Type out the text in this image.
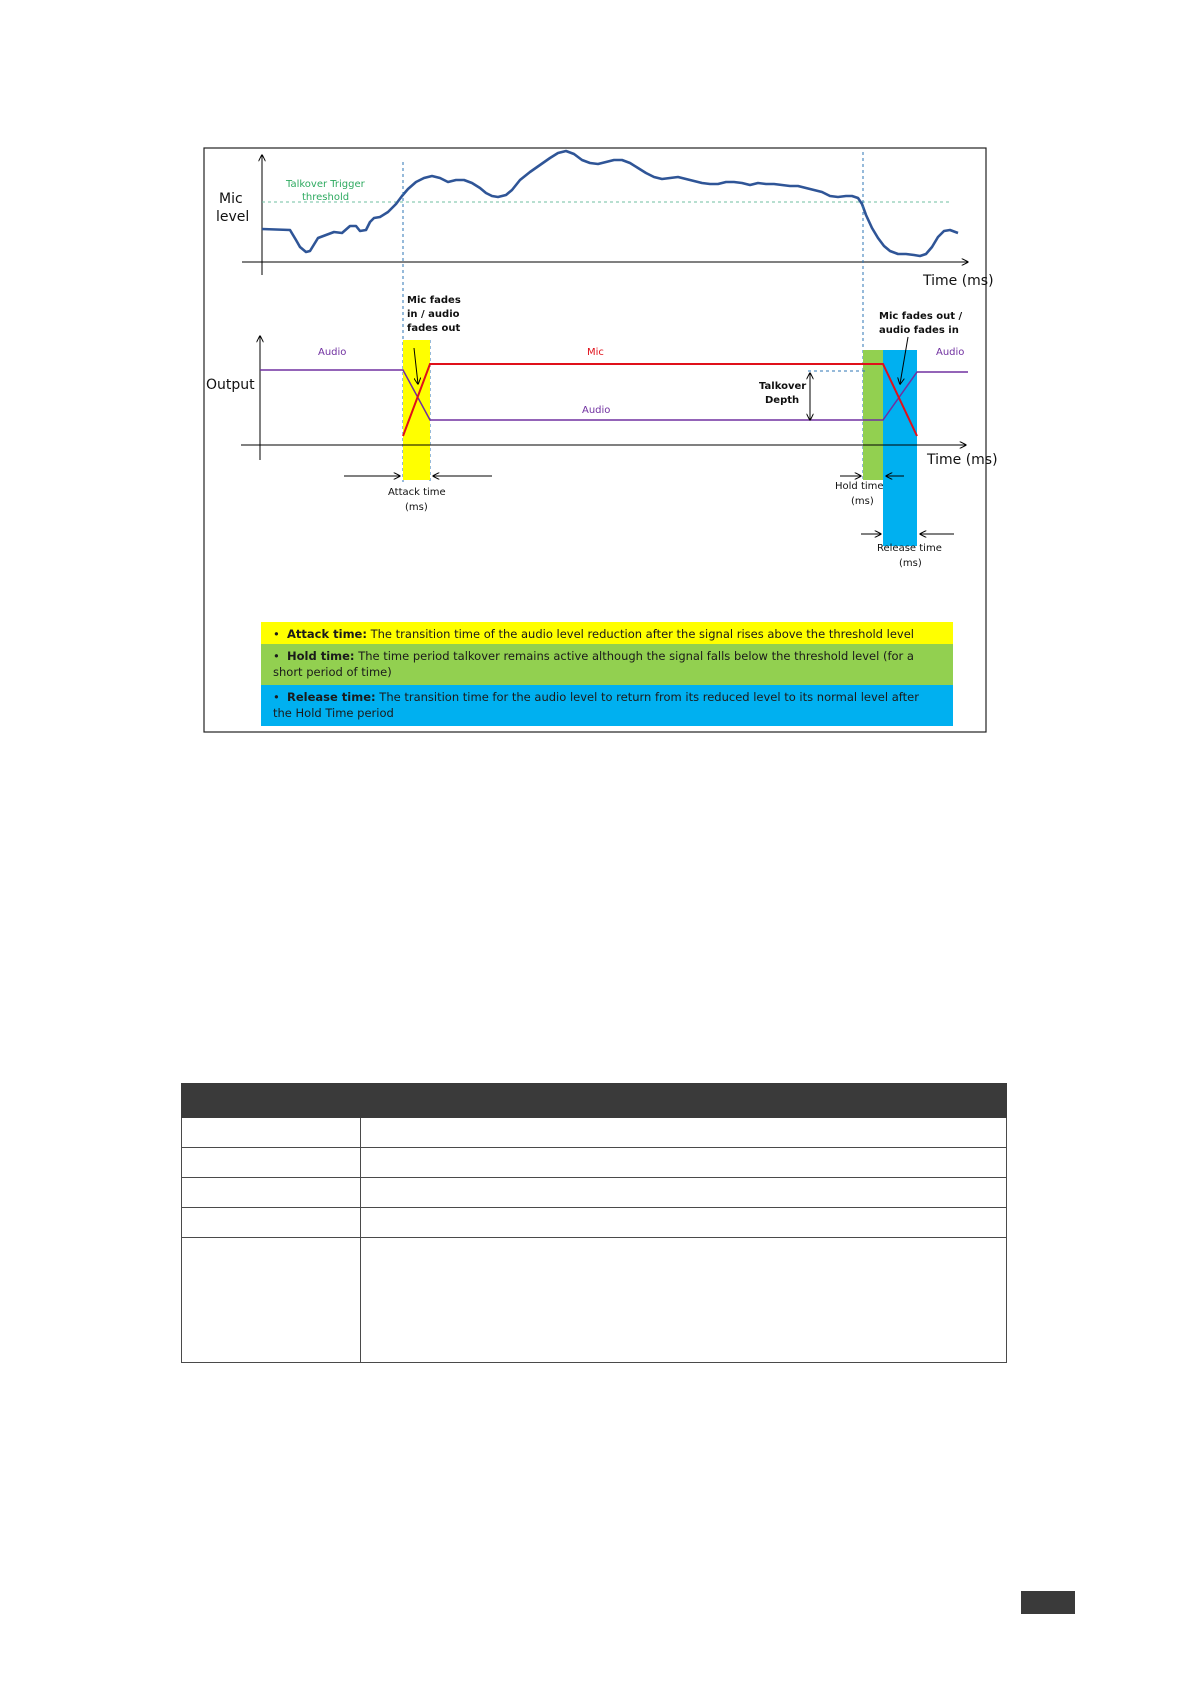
Mic
level
Talkover Trigger
threshold
Time (ms)
Output
Time (ms)
Audio	Mic
Audio
Audio
Mic fades
in / audio
fades out
Mic fades out /
audio fades in
Talkover
Depth
Attack time
(ms)
Hold time
(ms)
Release time
(ms)
• Attack time: The transition time of the audio level reduction after the signal rises above the threshold level
• Hold time: The time period talkover remains active although the signal falls below the threshold level (for a short period of time)
• Release time: The transition time for the audio level to return from its reduced level to its normal level after the Hold Time period
